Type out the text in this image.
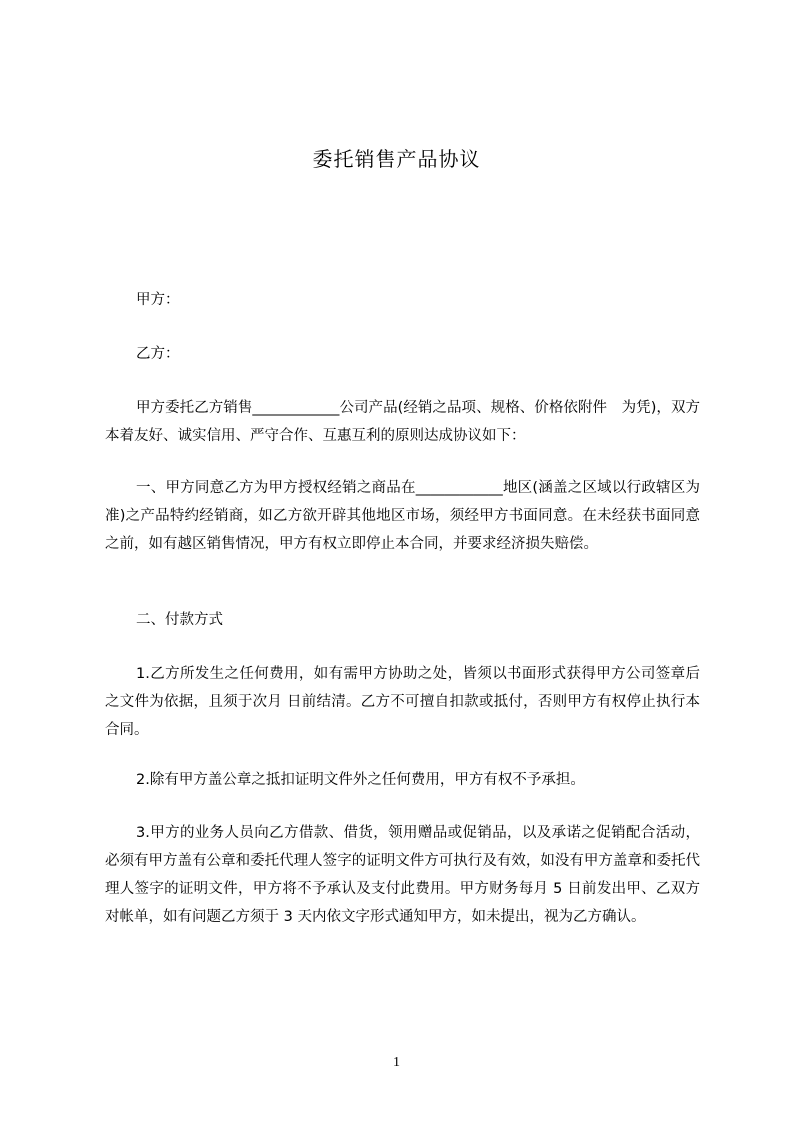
委托销售产品协议
甲方：
乙方：
甲方委托乙方销售____________公司产品(经销之品项、规格、价格依附件　为凭)，双方本着友好、诚实信用、严守合作、互惠互利的原则达成协议如下：
一、甲方同意乙方为甲方授权经销之商品在____________地区(涵盖之区域以行政辖区为准)之产品特约经销商，如乙方欲开辟其他地区市场，须经甲方书面同意。在未经获书面同意之前，如有越区销售情况，甲方有权立即停止本合同，并要求经济损失赔偿。
二、付款方式
1.乙方所发生之任何费用，如有需甲方协助之处，皆须以书面形式获得甲方公司签章后之文件为依据，且须于次月 日前结清。乙方不可擅自扣款或抵付，否则甲方有权停止执行本合同。
2.除有甲方盖公章之抵扣证明文件外之任何费用，甲方有权不予承担。
3.甲方的业务人员向乙方借款、借货，领用赠品或促销品，以及承诺之促销配合活动，必须有甲方盖有公章和委托代理人签字的证明文件方可执行及有效，如没有甲方盖章和委托代理人签字的证明文件，甲方将不予承认及支付此费用。甲方财务每月 5 日前发出甲、乙双方对帐单，如有问题乙方须于 3 天内依文字形式通知甲方，如未提出，视为乙方确认。
1
